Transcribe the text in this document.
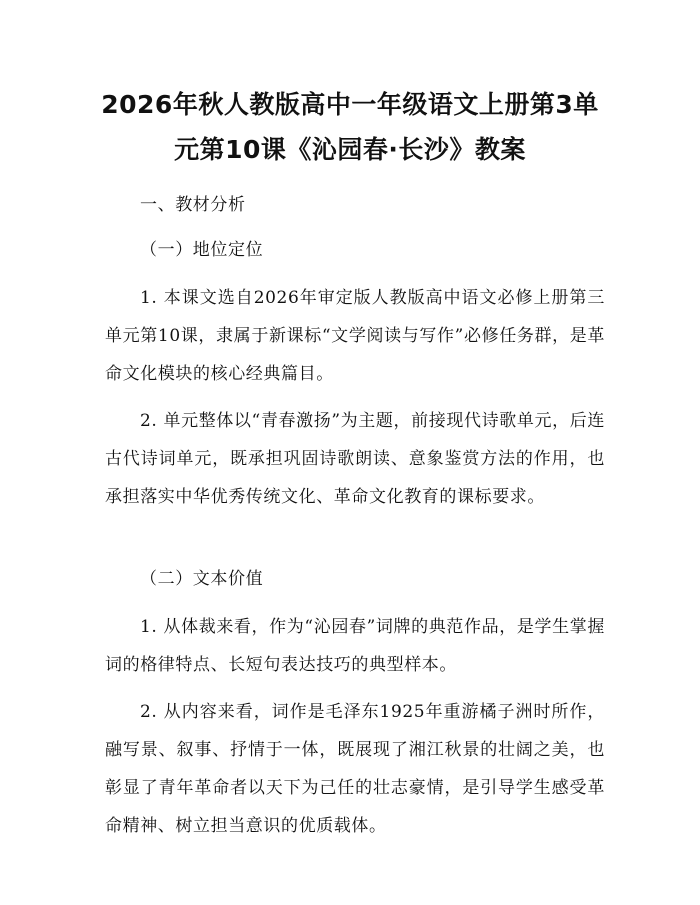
2026年秋人教版高中一年级语文上册第3单
元第10课《沁园春·长沙》教案

一、教材分析

（一）地位定位

1. 本课文选自2026年审定版人教版高中语文必修上册第三单元第10课，隶属于新课标“文学阅读与写作”必修任务群，是革命文化模块的核心经典篇目。

2. 单元整体以“青春激扬”为主题，前接现代诗歌单元，后连古代诗词单元，既承担巩固诗歌朗读、意象鉴赏方法的作用，也承担落实中华优秀传统文化、革命文化教育的课标要求。

（二）文本价值

1. 从体裁来看，作为“沁园春”词牌的典范作品，是学生掌握词的格律特点、长短句表达技巧的典型样本。

2. 从内容来看，词作是毛泽东1925年重游橘子洲时所作，融写景、叙事、抒情于一体，既展现了湘江秋景的壮阔之美，也彰显了青年革命者以天下为己任的壮志豪情，是引导学生感受革命精神、树立担当意识的优质载体。
